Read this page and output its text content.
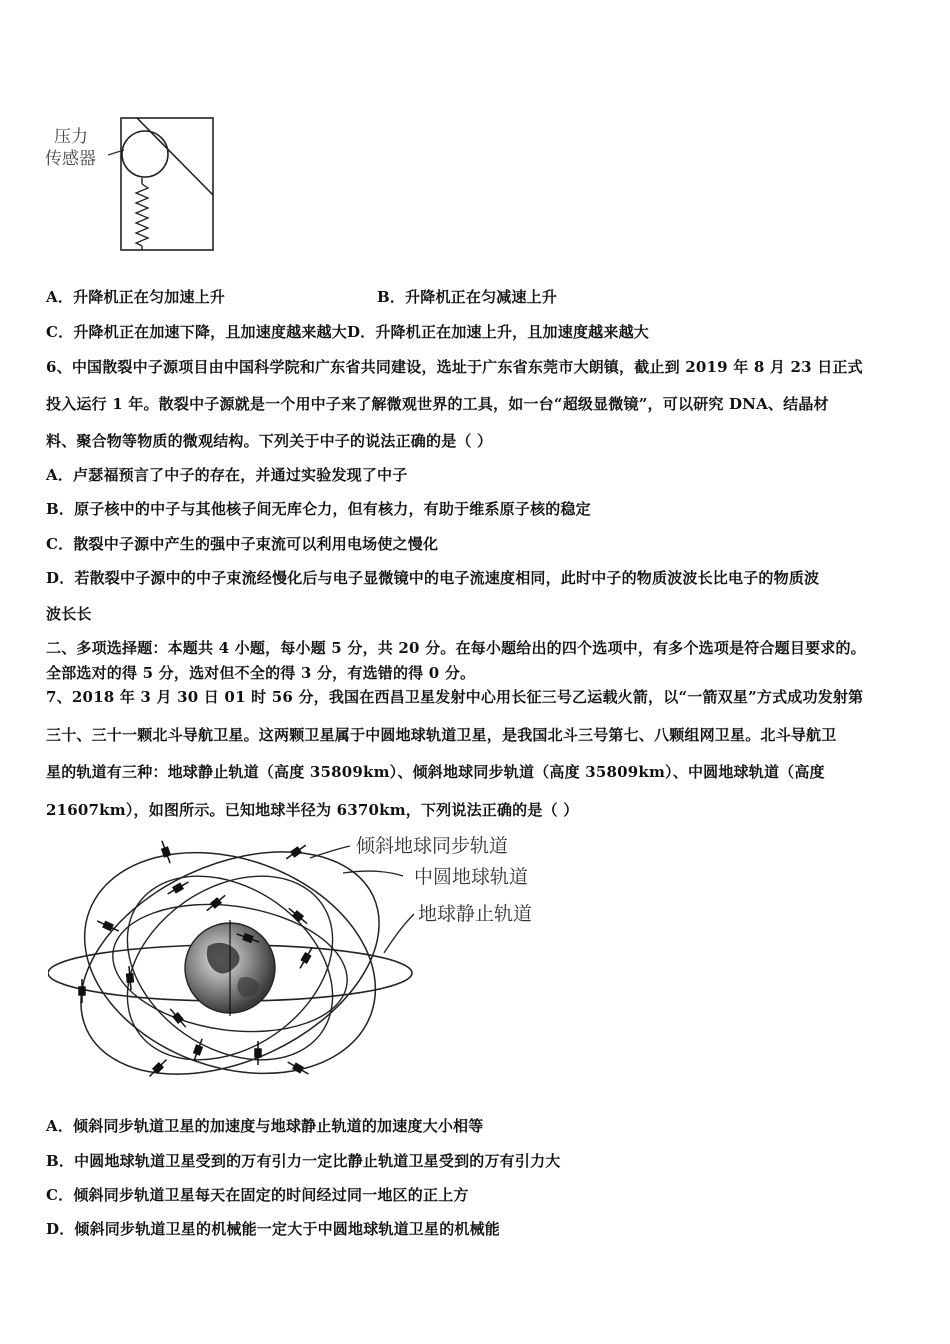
压力
传感器
A．升降机正在匀加速上升	B．升降机正在匀减速上升
C．升降机正在加速下降，且加速度越来越大D．升降机正在加速上升，且加速度越来越大
6、中国散裂中子源项目由中国科学院和广东省共同建设，选址于广东省东莞市大朗镇，截止到 2019 年 8 月 23 日正式
投入运行 1 年。散裂中子源就是一个用中子来了解微观世界的工具，如一台“超级显微镜”，可以研究 DNA、结晶材
料、聚合物等物质的微观结构。下列关于中子的说法正确的是（ ）
A．卢瑟福预言了中子的存在，并通过实验发现了中子
B．原子核中的中子与其他核子间无库仑力，但有核力，有助于维系原子核的稳定
C．散裂中子源中产生的强中子束流可以利用电场使之慢化
D．若散裂中子源中的中子束流经慢化后与电子显微镜中的电子流速度相同，此时中子的物质波波长比电子的物质波
波长长
二、多项选择题：本题共 4 小题，每小题 5 分，共 20 分。在每小题给出的四个选项中，有多个选项是符合题目要求的。
全部选对的得 5 分，选对但不全的得 3 分，有选错的得 0 分。
7、2018 年 3 月 30 日 01 时 56 分，我国在西昌卫星发射中心用长征三号乙运载火箭，以“一箭双星”方式成功发射第
三十、三十一颗北斗导航卫星。这两颗卫星属于中圆地球轨道卫星，是我国北斗三号第七、八颗组网卫星。北斗导航卫
星的轨道有三种：地球静止轨道（高度 35809km）、倾斜地球同步轨道（高度 35809km）、中圆地球轨道（高度
21607km），如图所示。已知地球半径为 6370km，下列说法正确的是（ ）
倾斜地球同步轨道
中圆地球轨道
地球静止轨道
A．倾斜同步轨道卫星的加速度与地球静止轨道的加速度大小相等
B．中圆地球轨道卫星受到的万有引力一定比静止轨道卫星受到的万有引力大
C．倾斜同步轨道卫星每天在固定的时间经过同一地区的正上方
D．倾斜同步轨道卫星的机械能一定大于中圆地球轨道卫星的机械能
